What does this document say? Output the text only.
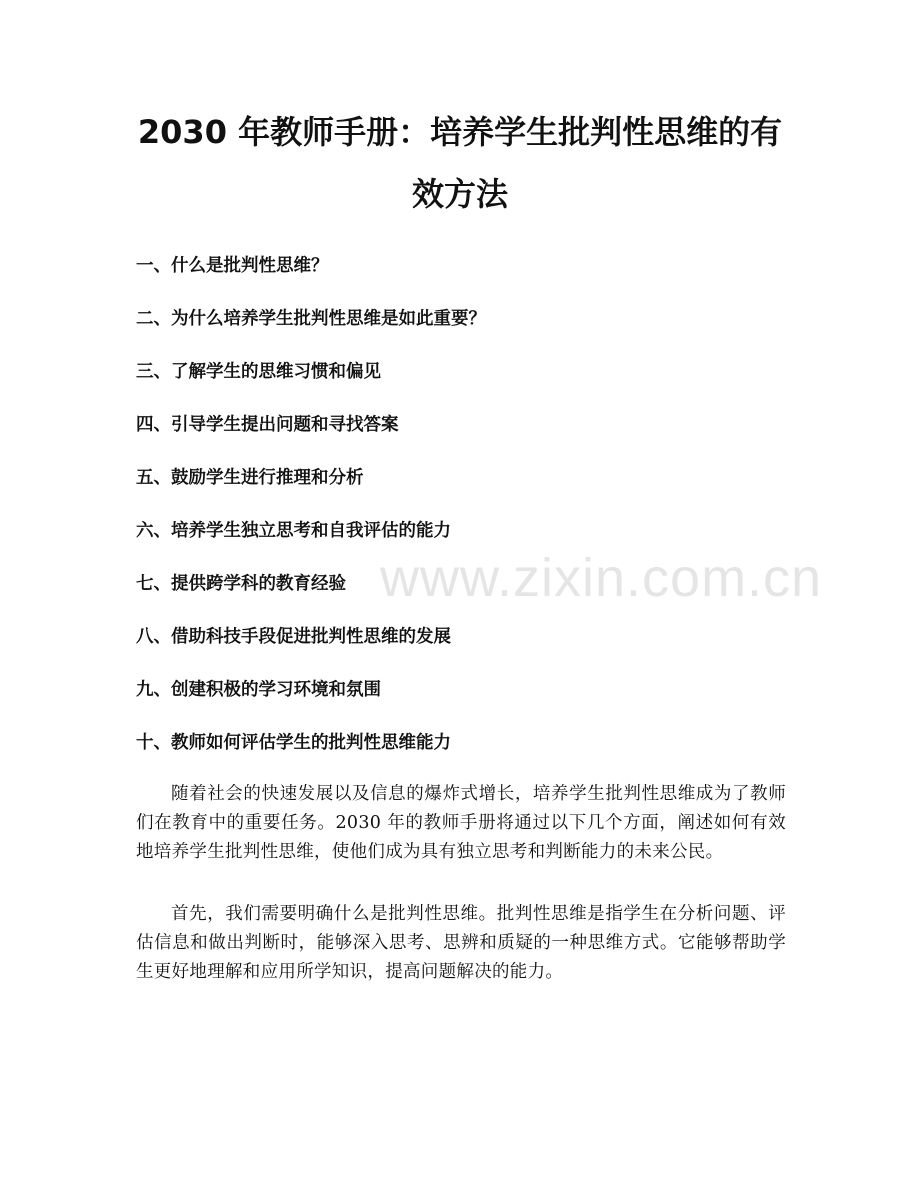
2030 年教师手册：培养学生批判性思维的有
效方法
一、什么是批判性思维？
二、为什么培养学生批判性思维是如此重要？
三、了解学生的思维习惯和偏见
四、引导学生提出问题和寻找答案
五、鼓励学生进行推理和分析
六、培养学生独立思考和自我评估的能力
七、提供跨学科的教育经验
八、借助科技手段促进批判性思维的发展
九、创建积极的学习环境和氛围
十、教师如何评估学生的批判性思维能力

随着社会的快速发展以及信息的爆炸式增长，培养学生批判性思维成为了教师们在教育中的重要任务。2030 年的教师手册将通过以下几个方面，阐述如何有效地培养学生批判性思维，使他们成为具有独立思考和判断能力的未来公民。

首先，我们需要明确什么是批判性思维。批判性思维是指学生在分析问题、评估信息和做出判断时，能够深入思考、思辨和质疑的一种思维方式。它能够帮助学生更好地理解和应用所学知识，提高问题解决的能力。

www.zixin.com.cn
